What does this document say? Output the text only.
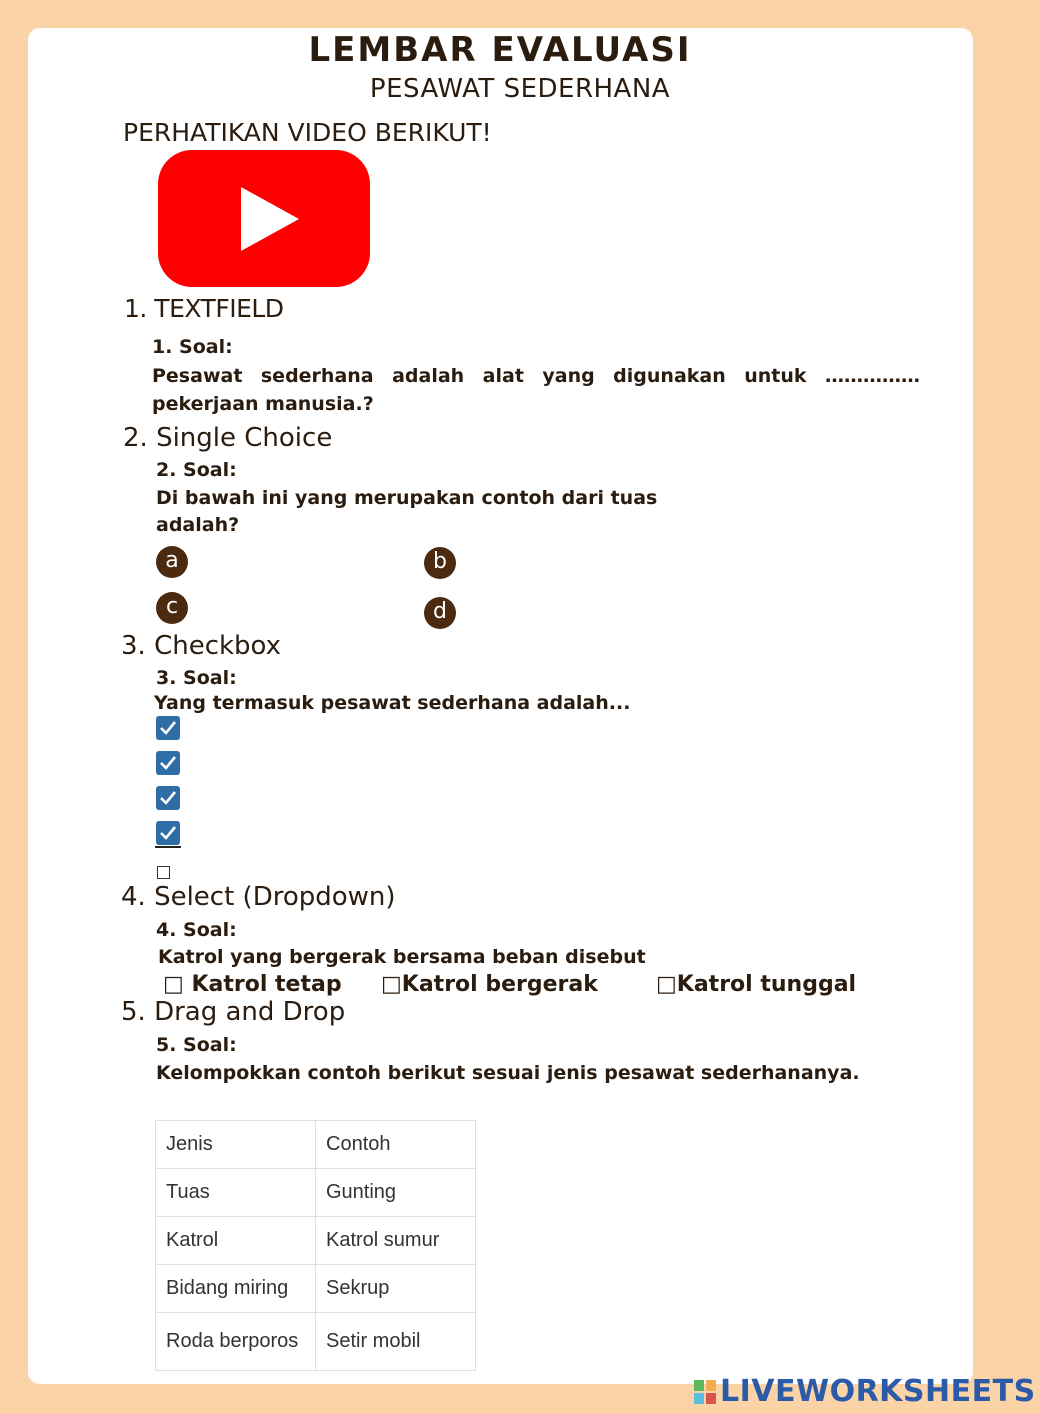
LEMBAR EVALUASI
PESAWAT SEDERHANA
PERHATIKAN VIDEO BERIKUT!
1. TEXTFIELD
1. Soal:
Pesawat sederhana adalah alat yang digunakan untuk …………… pekerjaan manusia.?
2. Single Choice
2. Soal:
Di bawah ini yang merupakan contoh dari tuas
adalah?
a	b
c	d
3. Checkbox
3. Soal:
Yang termasuk pesawat sederhana adalah...
4. Select (Dropdown)
4. Soal:
Katrol yang bergerak bersama beban disebut
□ Katrol tetap □Katrol bergerak	□Katrol tunggal
5. Drag and Drop
5. Soal:
Kelompokkan contoh berikut sesuai jenis pesawat sederhananya.
Jenis	Contoh
Tuas	Gunting
Katrol	Katrol sumur
Bidang miring	Sekrup
Roda berporos	Setir mobil
LIVEWORKSHEETS
